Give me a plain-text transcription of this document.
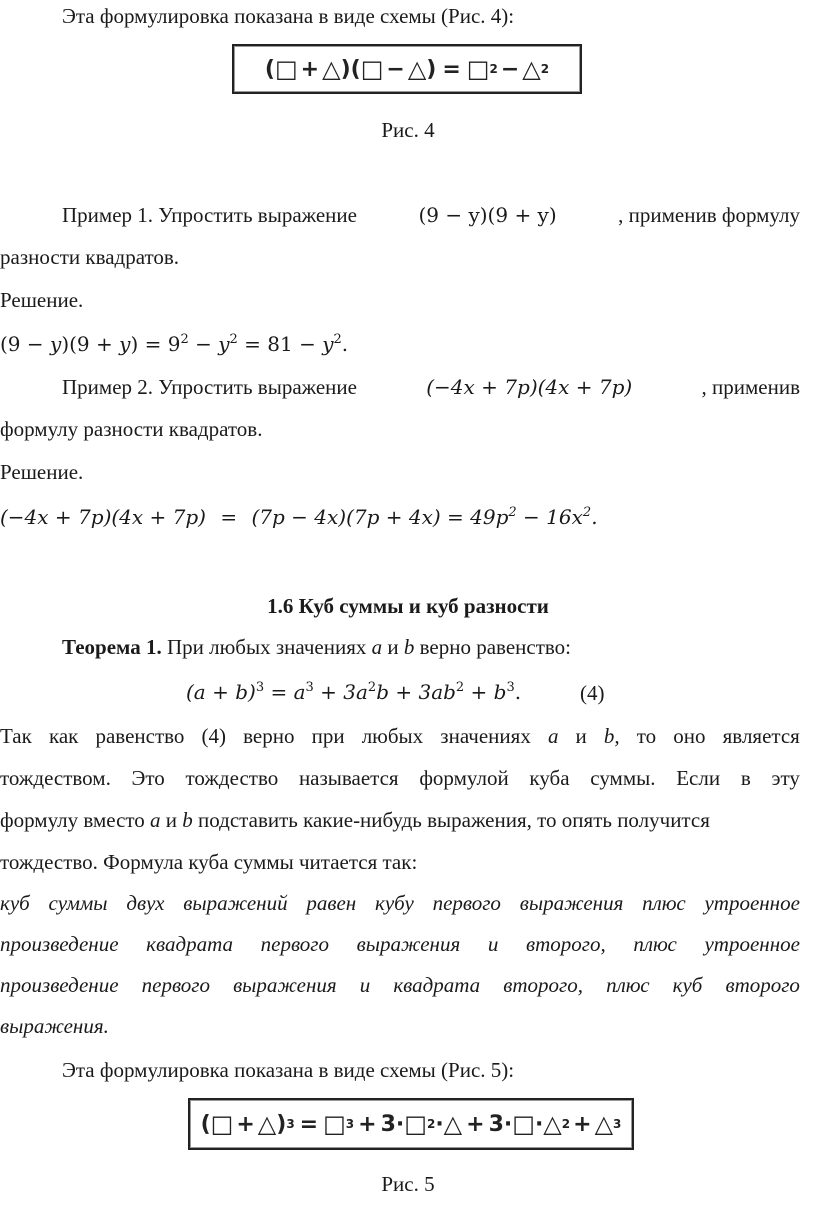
Эта формулировка показана в виде схемы (Рис. 4):
( □ + △ ) ( □ − △ ) = □ 2 − △ 2
Рис. 4
Пример 1. Упростить выражение	(9 − y)(9 + y)	, применив формулу
разности квадратов.
Решение.
$(9 - y)(9 + y) = 9^2 - y^2 = 81 - y^2$.
Пример 2. Упростить выражение	(−4x + 7p)(4x + 7p)	, применив
формулу разности квадратов.
Решение.
$(-4x + 7p)(4x + 7p) = (7p - 4x)(7p + 4x) = 49p^2 - 16x^2$.
1.6 Куб суммы и куб разности
Теорема 1. При любых значениях a и b верно равенство:
$(a + b)^3 = a^3 + 3a^2b + 3ab^2 + b^3$.	(4)
Так как равенство (4) верно при любых значениях a и b, то оно является
тождеством. Это тождество называется формулой куба суммы. Если в эту
формулу вместо a и b подставить какие-нибудь выражения, то опять получится
тождество. Формула куба суммы читается так:
куб суммы двух выражений равен кубу первого выражения плюс утроенное
произведение квадрата первого выражения и второго, плюс утроенное
произведение первого выражения и квадрата второго, плюс куб второго
выражения.
Эта формулировка показана в виде схемы (Рис. 5):
( □ + △ ) 3 = □ 3 + 3· □ 2 · △ + 3· □ · △ 2 + △ 3
Рис. 5
